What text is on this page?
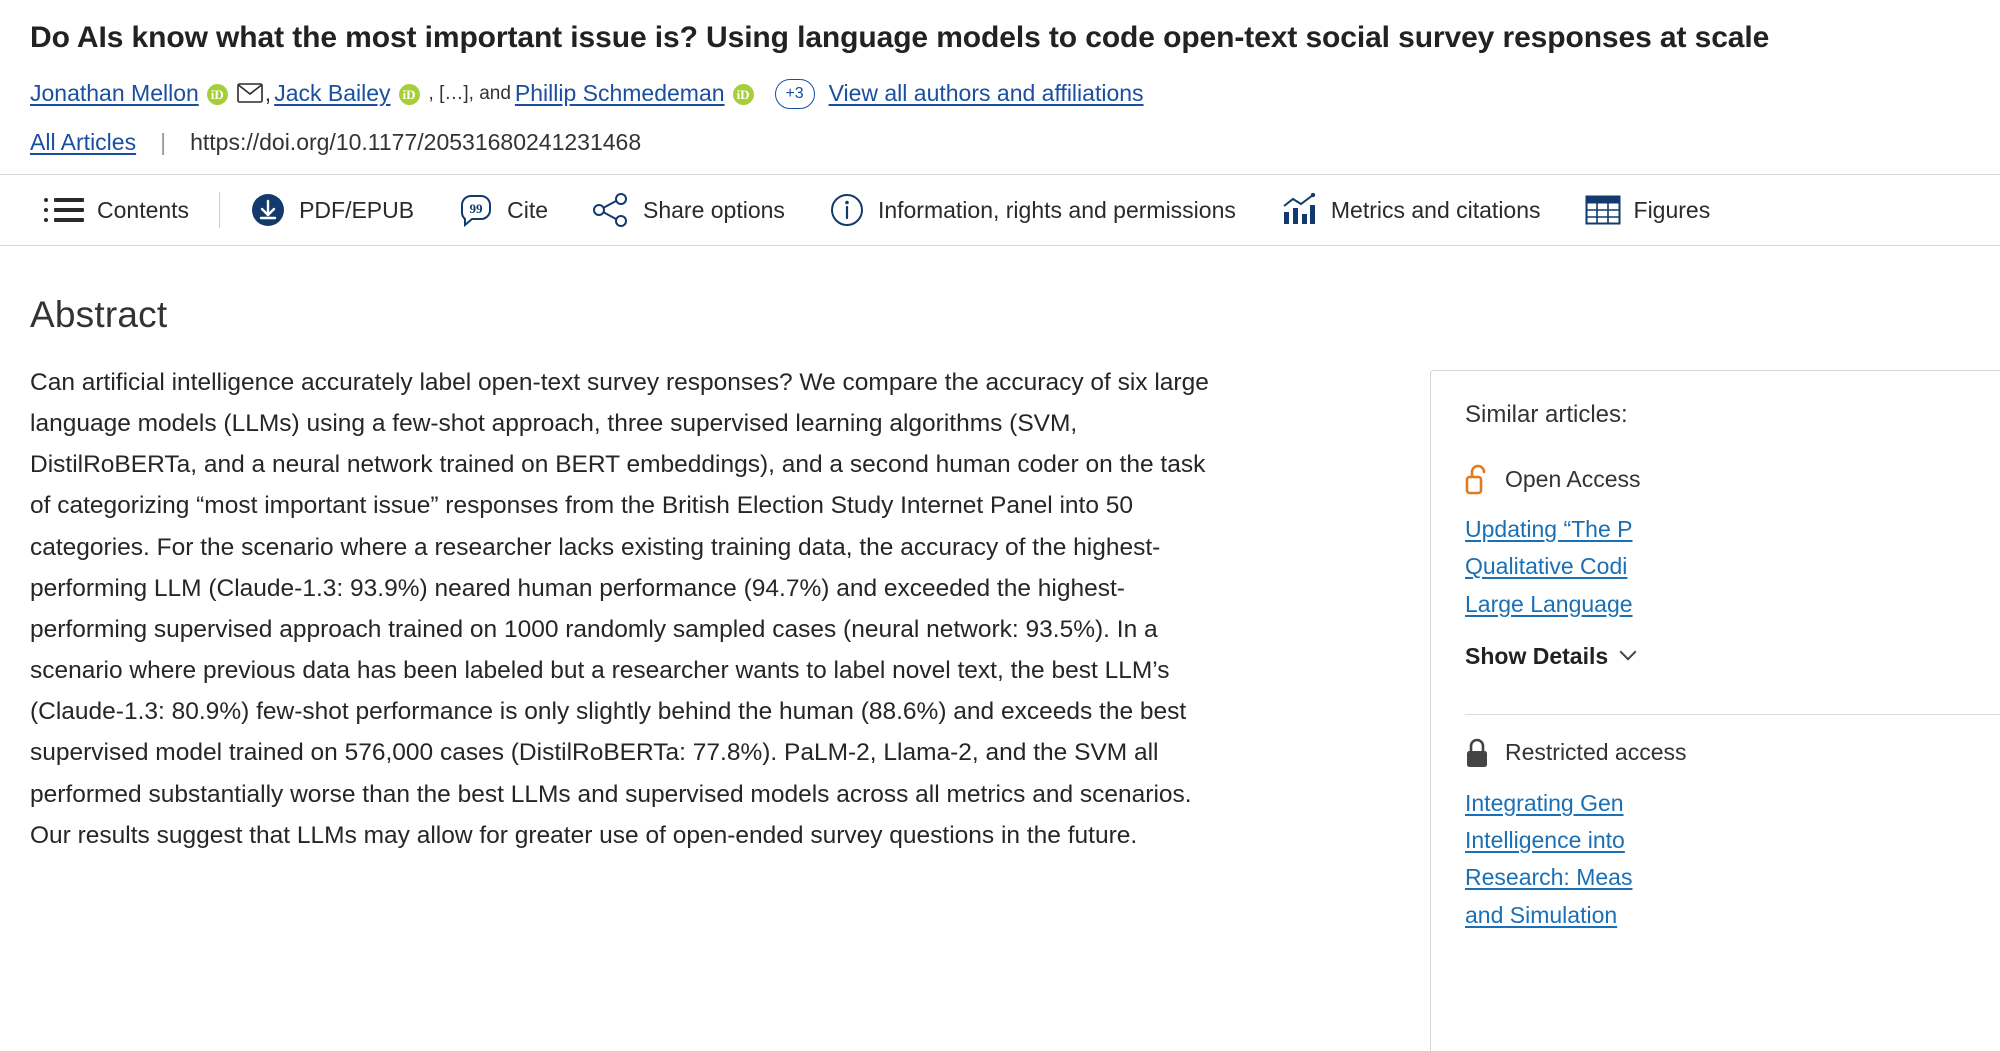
Do AIs know what the most important issue is? Using language models to code open-text social survey responses at scale
Jonathan Mellon iD , Jack Bailey iD , […], and Phillip Schmedeman iD	+3	View all authors and affiliations
All Articles | https://doi.org/10.1177/20531680241231468
Contents	PDF/EPUB	99 Cite	Share options	Information, rights and permissions	Metrics and citations	Figures
Abstract

Can artificial intelligence accurately label open-text survey responses? We compare the accuracy of six large language models (LLMs) using a few-shot approach, three supervised learning algorithms (SVM, DistilRoBERTa, and a neural network trained on BERT embeddings), and a second human coder on the task of categorizing “most important issue” responses from the British Election Study Internet Panel into 50 categories. For the scenario where a researcher lacks existing training data, the accuracy of the highest-performing LLM (Claude-1.3: 93.9%) neared human performance (94.7%) and exceeded the highest-performing supervised approach trained on 1000 randomly sampled cases (neural network: 93.5%). In a scenario where previous data has been labeled but a researcher wants to label novel text, the best LLM’s (Claude-1.3: 80.9%) few-shot performance is only slightly behind the human (88.6%) and exceeds the best supervised model trained on 576,000 cases (DistilRoBERTa: 77.8%). PaLM-2, Llama-2, and the SVM all performed substantially worse than the best LLMs and supervised models across all metrics and scenarios. Our results suggest that LLMs may allow for greater use of open-ended survey questions in the future.

Similar articles:
Open Access
Updating “The P
Qualitative Codi
Large Language
Show Details
Restricted access
Integrating Gen
Intelligence into
Research: Meas
and Simulation
